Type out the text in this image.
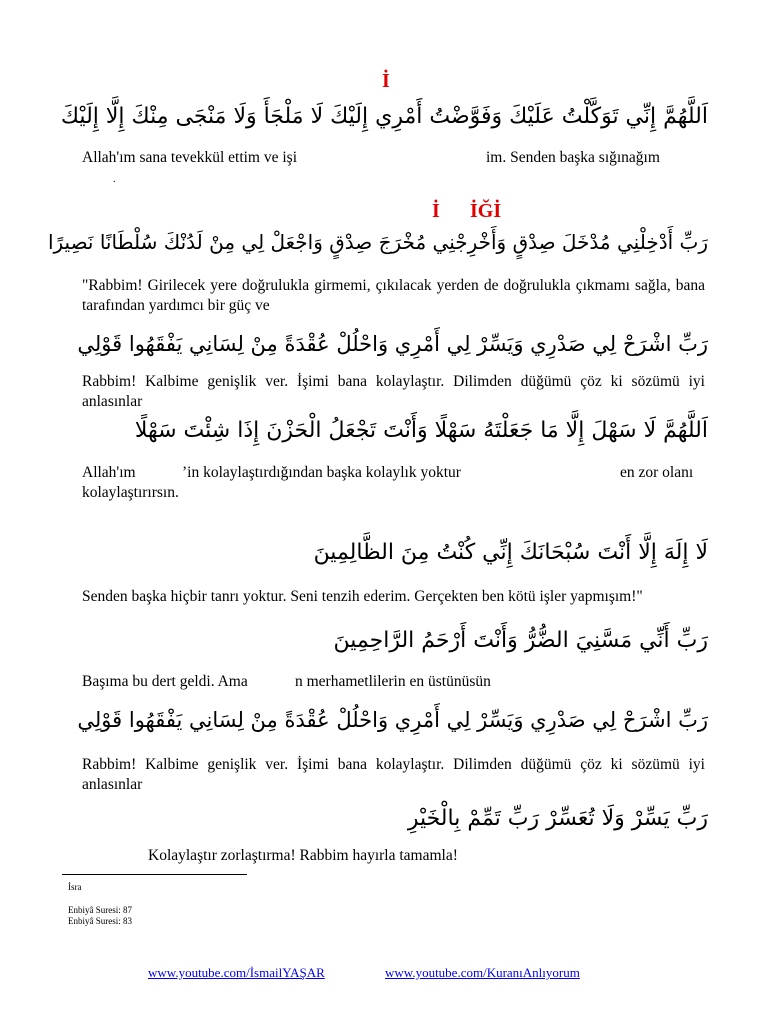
İ
اَللَّهُمَّ إِنِّي تَوَكَّلْتُ عَلَيْكَ وَفَوَّضْتُ أَمْرِي إِلَيْكَ لَا مَلْجَأَ وَلَا مَنْجَى مِنْكَ إِلَّا إِلَيْكَ
Allah'ım sana tevekkül ettim ve işi	im. Senden başka sığınağım
.
İ İĞİ
رَبِّ أَدْخِلْنِي مُدْخَلَ صِدْقٍ وَأَخْرِجْنِي مُخْرَجَ صِدْقٍ وَاجْعَلْ لِي مِنْ لَدُنْكَ سُلْطَانًا نَصِيرًا
"Rabbim! Girilecek yere doğrulukla girmemi, çıkılacak yerden de doğrulukla çıkmamı sağla, bana tarafından yardımcı bir güç ve
رَبِّ اشْرَحْ لِي صَدْرِي وَيَسِّرْ لِي أَمْرِي وَاحْلُلْ عُقْدَةً مِنْ لِسَانِي يَفْقَهُوا قَوْلِي
Rabbim! Kalbime genişlik ver. İşimi bana kolaylaştır. Dilimden düğümü çöz ki sözümü iyi anlasınlar
اَللَّهُمَّ لَا سَهْلَ إِلَّا مَا جَعَلْتَهُ سَهْلًا وَأَنْتَ تَجْعَلُ الْحَزْنَ إِذَا شِئْتَ سَهْلًا
Allah'ım	’in kolaylaştırdığından başka kolaylık yoktur	en zor olanı
kolaylaştırırsın.
لَا إِلَهَ إِلَّا أَنْتَ سُبْحَانَكَ إِنِّي كُنْتُ مِنَ الظَّالِمِينَ
Senden başka hiçbir tanrı yoktur. Seni tenzih ederim. Gerçekten ben kötü işler yapmışım!"
رَبِّ أَنِّي مَسَّنِيَ الضُّرُّ وَأَنْتَ أَرْحَمُ الرَّاحِمِينَ
Başıma bu dert geldi. Ama	n merhametlilerin en üstünüsün
رَبِّ اشْرَحْ لِي صَدْرِي وَيَسِّرْ لِي أَمْرِي وَاحْلُلْ عُقْدَةً مِنْ لِسَانِي يَفْقَهُوا قَوْلِي
Rabbim! Kalbime genişlik ver. İşimi bana kolaylaştır. Dilimden düğümü çöz ki sözümü iyi anlasınlar
رَبِّ يَسِّرْ وَلَا تُعَسِّرْ رَبِّ تَمِّمْ بِالْخَيْرِ
Kolaylaştır zorlaştırma! Rabbim hayırla tamamla!
İsra
Enbiyâ Suresi: 87
Enbiyâ Suresi: 83
www.youtube.com/İsmailYAŞAR	www.youtube.com/KuranıAnlıyorum
